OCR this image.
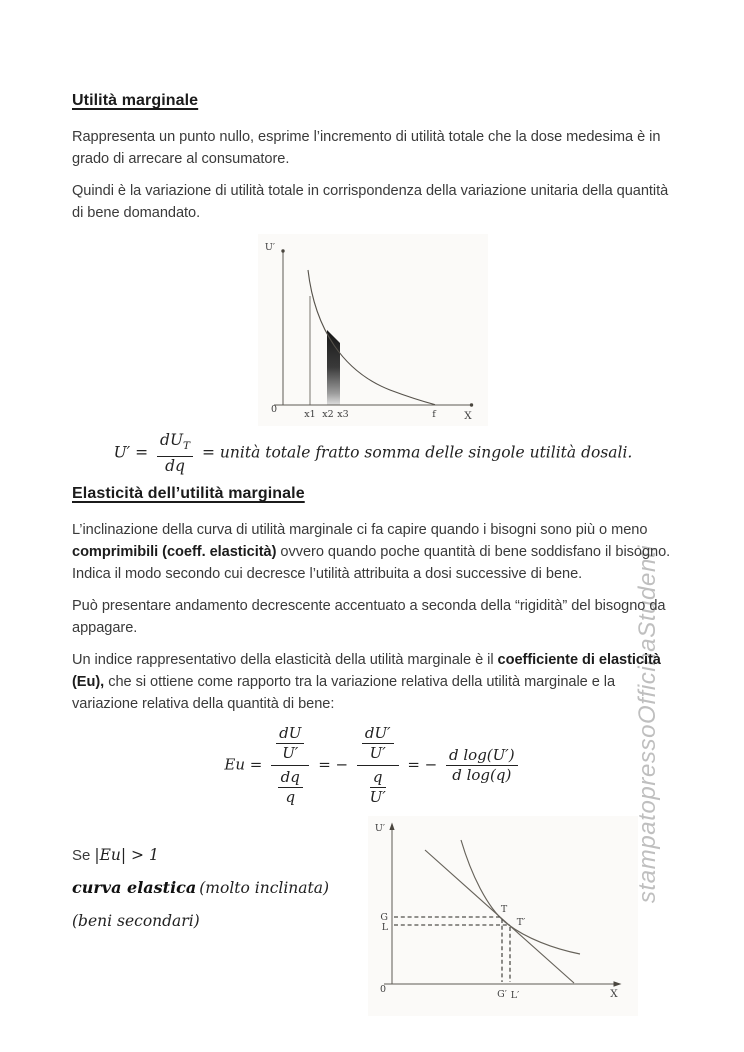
stampatopressoOfficinaStudenti
Utilità marginale

Rappresenta un punto nullo, esprime l’incremento di utilità totale che la dose medesima è in grado di arrecare al consumatore.

Quindi è la variazione di utilità totale in corrispondenza della variazione unitaria della quantità di bene domandato.

U′
0	x1 x2 x3	f	X
$U' = \frac{dU_T}{dq}$ = unità totale fratto somma delle singole utilità dosali.
Elasticità dell’utilità marginale

L’inclinazione della curva di utilità marginale ci fa capire quando i bisogni sono più o meno comprimibili (coeff. elasticità) ovvero quando poche quantità di bene soddisfano il bisogno. Indica il modo secondo cui decresce l’utilità attribuita a dosi successive di bene.

Può presentare andamento decrescente accentuato a seconda della “rigidità” del bisogno da appagare.

Un indice rappresentativo della elasticità della utilità marginale è il coefficiente di elasticità (Eu), che si ottiene come rapporto tra la variazione relativa della utilità marginale e la variazione relativa della quantità di bene:

Eu =
$\frac{dU}{U'}$
$\frac{dq}{q}$
= − $\frac{\frac{dU'}{U'}}{\frac{q}{U'}}$ = − $\frac{\text{d log(U′)}}{\text{d log(q)}}$
Se |Eu| > 1
curva elastica (molto inclinata)
(beni secondari)
U′
0	X
G
L
T
T′
G′ L′
